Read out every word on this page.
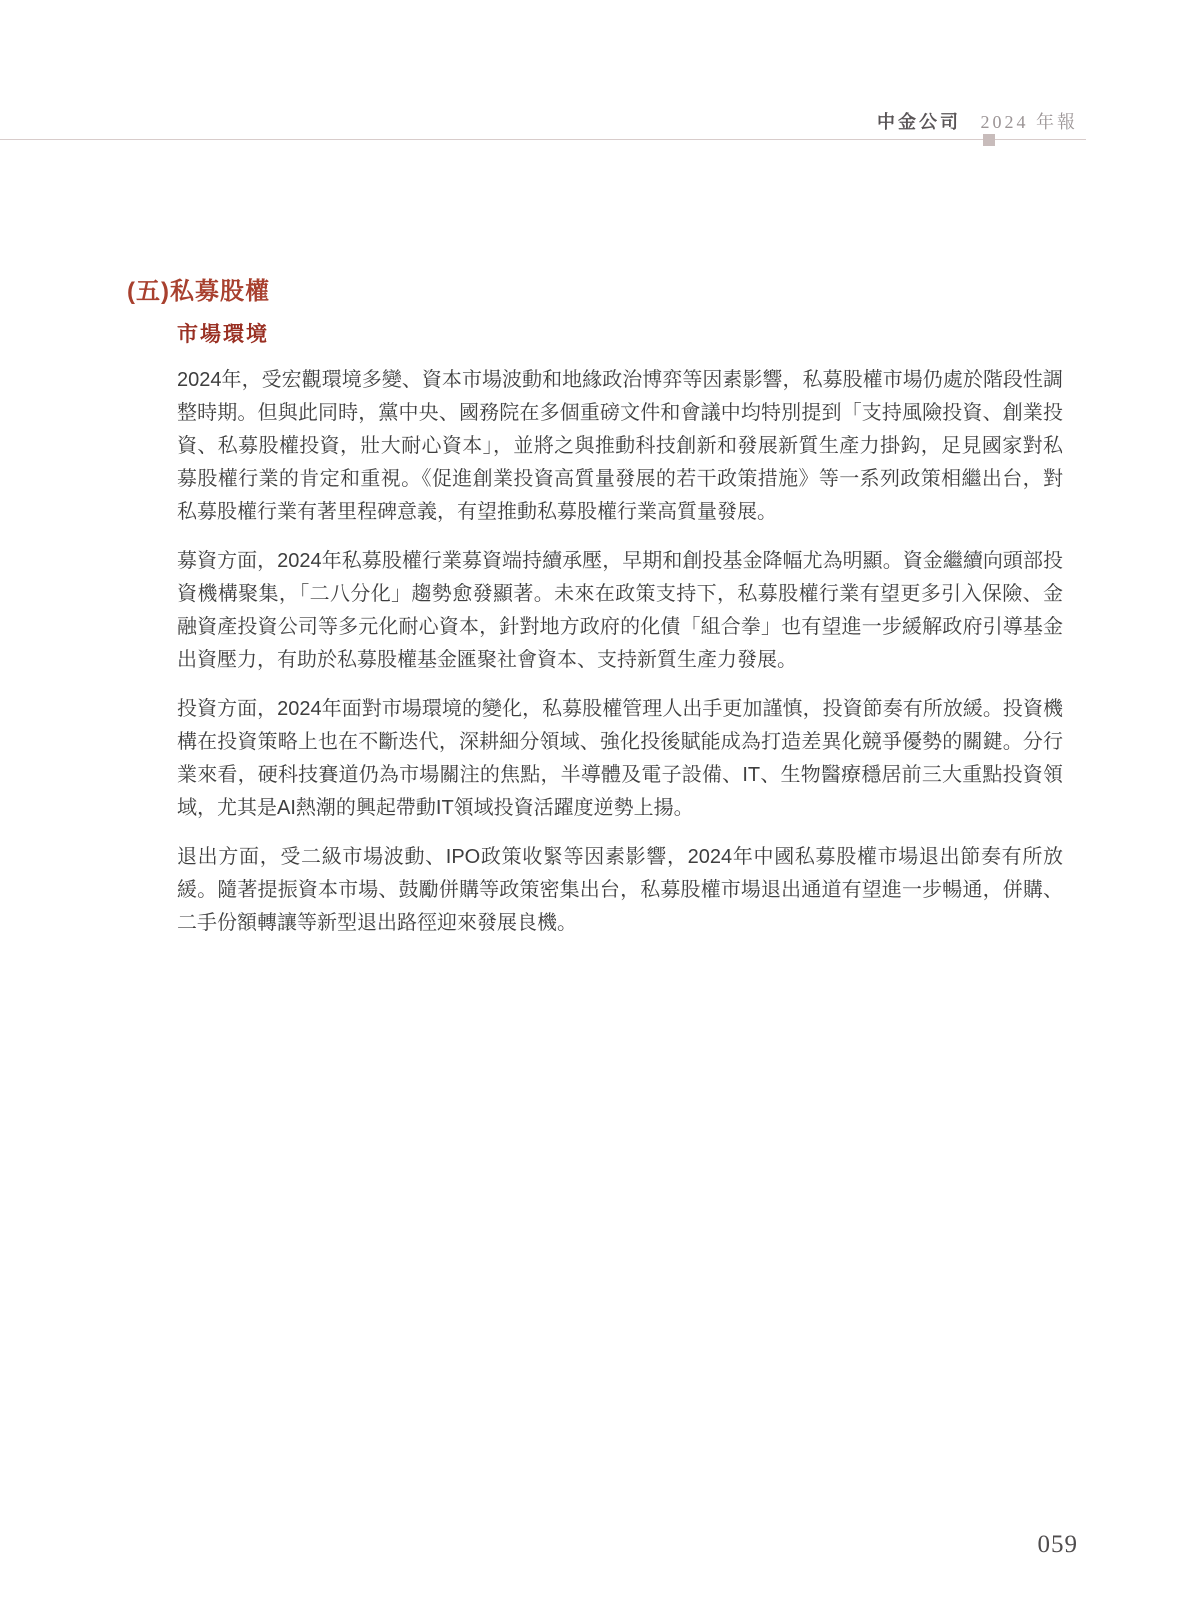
中金公司 2024 年報
(五)私募股權
市場環境

2024年，受宏觀環境多變、資本市場波動和地緣政治博弈等因素影響，私募股權市場仍處於階段性調整時期。但與此同時，黨中央、國務院在多個重磅文件和會議中均特別提到「支持風險投資、創業投資、私募股權投資，壯大耐心資本」，並將之與推動科技創新和發展新質生產力掛鈎，足見國家對私募股權行業的肯定和重視。《促進創業投資高質量發展的若干政策措施》等一系列政策相繼出台，對私募股權行業有著里程碑意義，有望推動私募股權行業高質量發展。

募資方面，2024年私募股權行業募資端持續承壓，早期和創投基金降幅尤為明顯。資金繼續向頭部投資機構聚集，「二八分化」趨勢愈發顯著。未來在政策支持下，私募股權行業有望更多引入保險、金融資產投資公司等多元化耐心資本，針對地方政府的化債「組合拳」也有望進一步緩解政府引導基金出資壓力，有助於私募股權基金匯聚社會資本、支持新質生產力發展。

投資方面，2024年面對市場環境的變化，私募股權管理人出手更加謹慎，投資節奏有所放緩。投資機構在投資策略上也在不斷迭代，深耕細分領域、強化投後賦能成為打造差異化競爭優勢的關鍵。分行業來看，硬科技賽道仍為市場關注的焦點，半導體及電子設備、IT、生物醫療穩居前三大重點投資領域，尤其是AI熱潮的興起帶動IT領域投資活躍度逆勢上揚。

退出方面，受二級市場波動、IPO政策收緊等因素影響，2024年中國私募股權市場退出節奏有所放緩。隨著提振資本市場、鼓勵併購等政策密集出台，私募股權市場退出通道有望進一步暢通，併購、二手份額轉讓等新型退出路徑迎來發展良機。

059
